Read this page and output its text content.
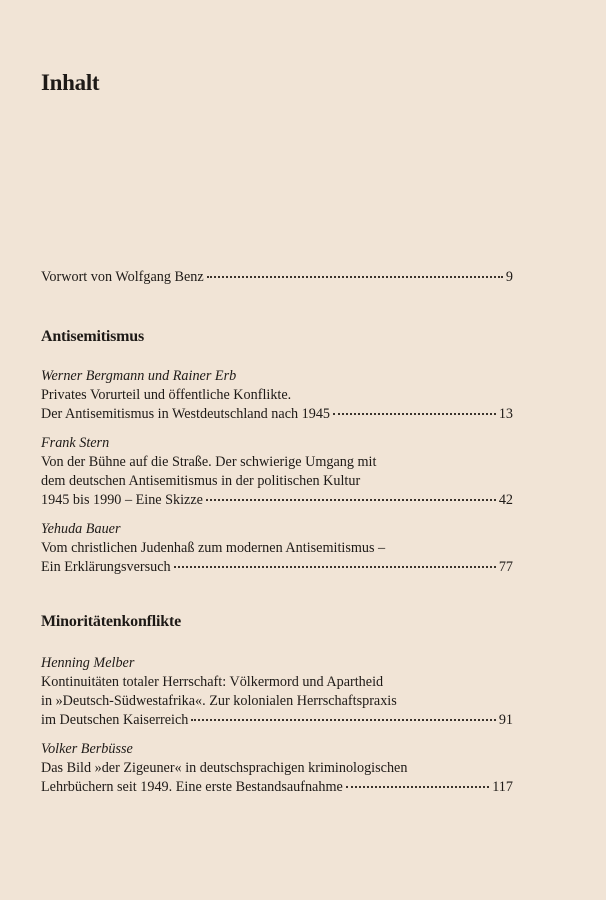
Inhalt
Vorwort von Wolfgang Benz	9
Antisemitismus
Werner Bergmann und Rainer Erb
Privates Vorurteil und öffentliche Konflikte.
Der Antisemitismus in Westdeutschland nach 1945	13
Frank Stern
Von der Bühne auf die Straße. Der schwierige Umgang mit
dem deutschen Antisemitismus in der politischen Kultur
1945 bis 1990 – Eine Skizze	42
Yehuda Bauer
Vom christlichen Judenhaß zum modernen Antisemitismus –
Ein Erklärungsversuch	77
Minoritätenkonflikte
Henning Melber
Kontinuitäten totaler Herrschaft: Völkermord und Apartheid
in »Deutsch-Südwestafrika«. Zur kolonialen Herrschaftspraxis
im Deutschen Kaiserreich	91
Volker Berbüsse
Das Bild »der Zigeuner« in deutschsprachigen kriminologischen
Lehrbüchern seit 1949. Eine erste Bestandsaufnahme	117
